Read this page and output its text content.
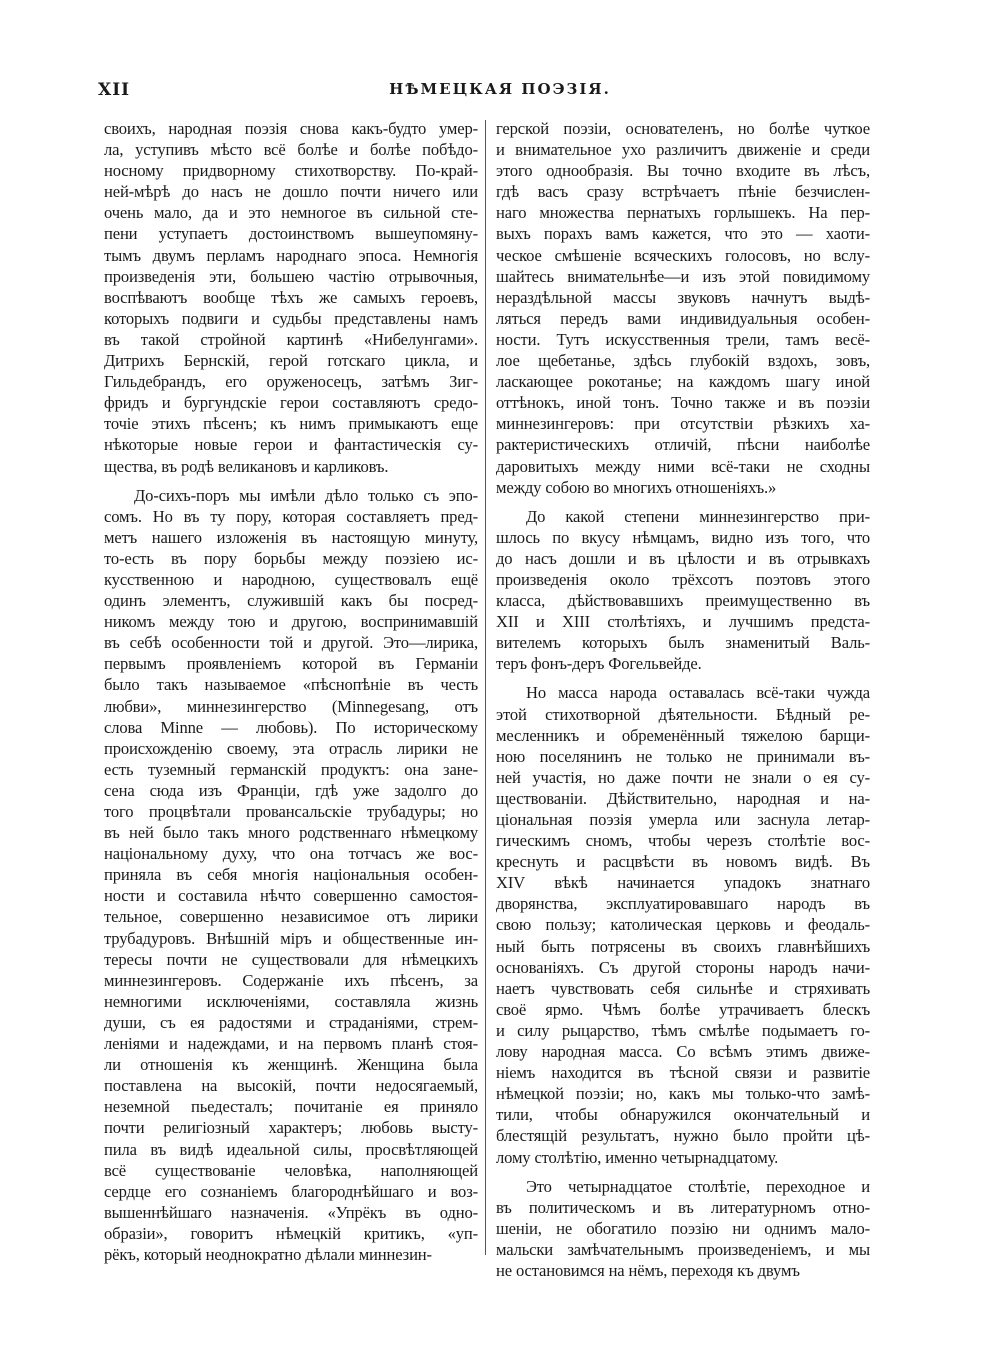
XII	НѢМЕЦКАЯ ПОЭЗІЯ.
своихъ, народная поэзія снова какъ-будто умер-
ла, уступивъ мѣсто всё болѣе и болѣе побѣдо-
носному придворному стихотворству. По-край-
ней-мѣрѣ до насъ не дошло почти ничего или
очень мало, да и это немногое въ сильной сте-
пени уступаетъ достоинствомъ вышеупомяну-
тымъ двумъ перламъ народнаго эпоса. Немногія
произведенія эти, большею частію отрывочныя,
воспѣваютъ вообще тѣхъ же самыхъ героевъ,
которыхъ подвиги и судьбы представлены намъ
въ такой стройной картинѣ «Нибелунгами».
Дитрихъ Бернскій, герой готскаго цикла, и
Гильдебрандъ, его оруженосецъ, затѣмъ Зиг-
фридъ и бургундскіе герои составляютъ средо-
точіе этихъ пѣсенъ; къ нимъ примыкаютъ еще
нѣкоторые новые герои и фантастическія су-
щества, въ родѣ великановъ и карликовъ.
До-сихъ-поръ мы имѣли дѣло только съ эпо-
сомъ. Но въ ту пору, которая составляетъ пред-
метъ нашего изложенія въ настоящую минуту,
то-есть въ пору борьбы между поэзіею ис-
кусственною и народною, существовалъ ещё
одинъ элементъ, служившій какъ бы посред-
никомъ между тою и другою, воспринимавшій
въ себѣ особенности той и другой. Это—лирика,
первымъ проявленіемъ которой въ Германіи
было такъ называемое «пѣснопѣніе въ честь
любви», миннезингерство (Minnegesang, отъ
слова Minne — любовь). По историческому
происхожденію своему, эта отрасль лирики не
есть туземный германскій продуктъ: она зане-
сена сюда изъ Франціи, гдѣ уже задолго до
того процвѣтали провансальскіе трубадуры; но
въ ней было такъ много родственнаго нѣмецкому
національному духу, что она тотчасъ же вос-
приняла въ себя многія національныя особен-
ности и составила нѣчто совершенно самостоя-
тельное, совершенно независимое отъ лирики
трубадуровъ. Внѣшній міръ и общественные ин-
тересы почти не существовали для нѣмецкихъ
миннезингеровъ. Содержаніе ихъ пѣсенъ, за
немногими исключеніями, составляла жизнь
души, съ ея радостями и страданіями, стрем-
леніями и надеждами, и на первомъ планѣ стоя-
ли отношенія къ женщинѣ. Женщина была
поставлена на высокій, почти недосягаемый,
неземной пьедесталъ; почитаніе ея приняло
почти религіозный характеръ; любовь высту-
пила въ видѣ идеальной силы, просвѣтляющей
всё существованіе человѣка, наполняющей
сердце его сознаніемъ благороднѣйшаго и воз-
вышеннѣйшаго назначенія. «Упрёкъ въ одно-
образіи», говоритъ нѣмецкій критикъ, «уп-
рёкъ, который неоднократно дѣлали миннезин-
герской поэзіи, основателенъ, но болѣе чуткое
и внимательное ухо различитъ движеніе и среди
этого однообразія. Вы точно входите въ лѣсъ,
гдѣ васъ сразу встрѣчаетъ пѣніе безчислен-
наго множества пернатыхъ горлышекъ. На пер-
выхъ порахъ вамъ кажется, что это — хаоти-
ческое смѣшеніе всяческихъ голосовъ, но вслу-
шайтесь внимательнѣе—и изъ этой повидимому
нераздѣльной массы звуковъ начнутъ выдѣ-
ляться передъ вами индивидуальныя особен-
ности. Тутъ искусственныя трели, тамъ весё-
лое щебетанье, здѣсь глубокій вздохъ, зовъ,
ласкающее рокотанье; на каждомъ шагу иной
оттѣнокъ, иной тонъ. Точно также и въ поэзіи
миннезингеровъ: при отсутствіи рѣзкихъ ха-
рактеристическихъ отличій, пѣсни наиболѣе
даровитыхъ между ними всё-таки не сходны
между собою во многихъ отношеніяхъ.»
До какой степени миннезингерство при-
шлось по вкусу нѣмцамъ, видно изъ того, что
до насъ дошли и въ цѣлости и въ отрывкахъ
произведенія около трёхсотъ поэтовъ этого
класса, дѣйствовавшихъ преимущественно въ
XII и XIII столѣтіяхъ, и лучшимъ предста-
вителемъ которыхъ былъ знаменитый Валь-
теръ фонъ-деръ Фогельвейде.
Но масса народа оставалась всё-таки чужда
этой стихотворной дѣятельности. Бѣдный ре-
месленникъ и обременённый тяжелою барщи-
ною поселянинъ не только не принимали въ-
ней участія, но даже почти не знали о ея су-
ществованіи. Дѣйствительно, народная и на-
ціональная поэзія умерла или заснула летар-
гическимъ сномъ, чтобы черезъ столѣтіе вос-
креснуть и расцвѣсти въ новомъ видѣ. Въ
XIV вѣкѣ начинается упадокъ знатнаго
дворянства, эксплуатировавшаго народъ въ
свою пользу; католическая церковь и феодаль-
ный быть потрясены въ своихъ главнѣйшихъ
основаніяхъ. Съ другой стороны народъ начи-
наетъ чувствовать себя сильнѣе и стряхивать
своё ярмо. Чѣмъ болѣе утрачиваетъ блескъ
и силу рыцарство, тѣмъ смѣлѣе подымаетъ го-
лову народная масса. Со всѣмъ этимъ движе-
ніемъ находится въ тѣсной связи и развитіе
нѣмецкой поэзіи; но, какъ мы только-что замѣ-
тили, чтобы обнаружился окончательный и
блестящій результатъ, нужно было пройти цѣ-
лому столѣтію, именно четырнадцатому.
Это четырнадцатое столѣтіе, переходное и
въ политическомъ и въ литературномъ отно-
шеніи, не обогатило поэзію ни однимъ мало-
мальски замѣчательнымъ произведеніемъ, и мы
не остановимся на нёмъ, переходя къ двумъ
